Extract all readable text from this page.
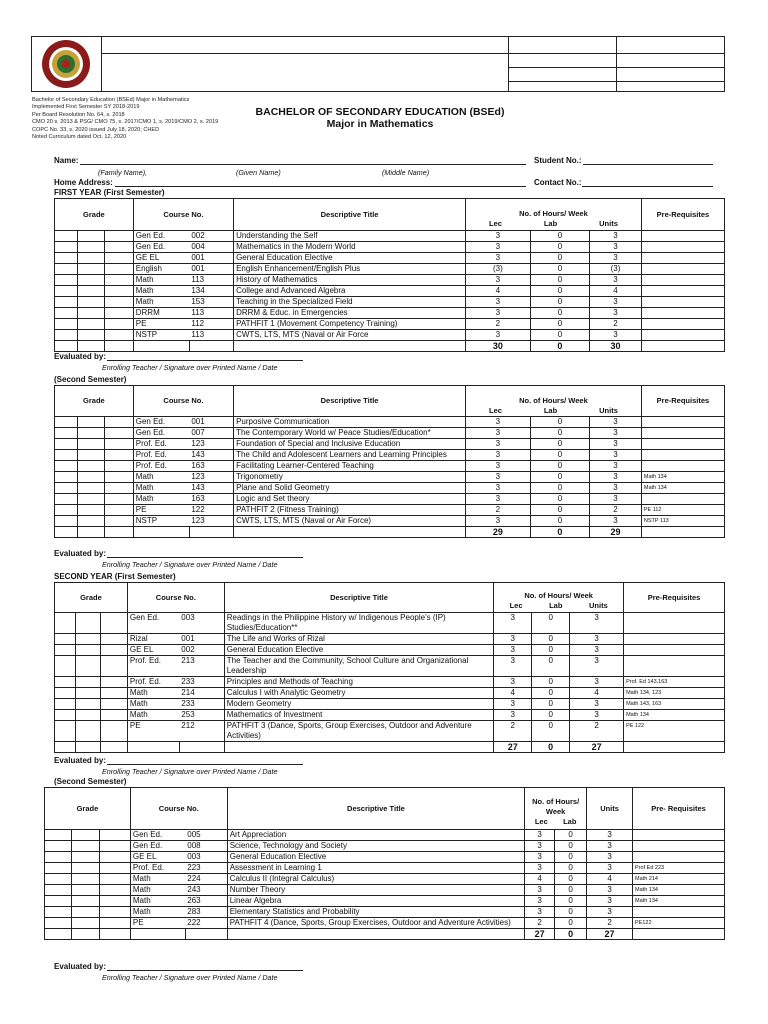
Bachelor of Secondary Education (BSEd) Major in Mathematics
Implemented First Semester SY 2018-2019
Per Board Resolution No. 64, s. 2018
CMO 20 s. 2013 & PSG/ CMO 75, s. 2017/CMO 1, s. 2019/CMO 2, s. 2019
COPC No. 33, s. 2020 issued July 18, 2020; CHED
Noted Curriculum dated Oct. 12, 2020
BACHELOR OF SECONDARY EDUCATION (BSEd)
Major in Mathematics
Name:	Student No.:
(Family Name),	(Given Name)	(Middle Name)
Home Address:	Contact No.:
FIRST YEAR (First Semester)
Grade			Course No.		Descriptive Title	No. of Hours/ Week
Lec Lab Units			Pre-Requisites
			Gen Ed.	002	Understanding the Self	3	0	3	
			Gen Ed.	004	Mathematics in the Modern World	3	0	3	
			GE EL	001	General Education Elective	3	0	3	
			English	001	English Enhancement/English Plus	(3)	0	(3)	
			Math	113	History of Mathematics	3	0	3	
			Math	134	College and Advanced Algebra	4	0	4	
			Math	153	Teaching in the Specialized Field	3	0	3	
			DRRM	113	DRRM & Educ. in Emergencies	3	0	3	
			PE	112	PATHFIT 1 (Movement Competency Training)	2	0	2	
			NSTP	113	CWTS, LTS, MTS (Naval or Air Force	3	0	3	
						30	0	30	
Evaluated by:
Enrolling Teacher / Signature over Printed Name / Date
(Second Semester)
Grade			Course No.		Descriptive Title	No. of Hours/ Week
Lec Lab Units			Pre-Requisites
			Gen Ed.	001	Purposive Communication	3	0	3	
			Gen Ed.	007	The Contemporary World w/ Peace Studies/Education*	3	0	3	
			Prof. Ed.	123	Foundation of Special and Inclusive Education	3	0	3	
			Prof. Ed.	143	The Child and Adolescent Learners and Learning Principles	3	0	3	
			Prof. Ed.	163	Facilitating Learner-Centered Teaching	3	0	3	
			Math	123	Trigonometry	3	0	3	Math 134
			Math	143	Plane and Solid Geometry	3	0	3	Math 134
			Math	163	Logic and Set theory	3	0	3	
			PE	122	PATHFIT 2 (Fitness Training)	2	0	2	PE 112
			NSTP	123	CWTS, LTS, MTS (Naval or Air Force)	3	0	3	NSTP 113
						29	0	29	
Evaluated by:
Enrolling Teacher / Signature over Printed Name / Date
SECOND YEAR (First Semester)
Grade			Course No.		Descriptive Title	No. of Hours/ Week
Lec Lab Units			Pre-Requisites
			Gen Ed.	003	Readings in the Philippine History w/ Indigenous People's (IP) Studies/Education**	3	0	3	
			Rizal	001	The Life and Works of Rizal	3	0	3	
			GE EL	002	General Education Elective	3	0	3	
			Prof. Ed.	213	The Teacher and the Community, School Culture and Organizational Leadership	3	0	3	
			Prof. Ed.	233	Principles and Methods of Teaching	3	0	3	Prof. Ed 143,163
			Math	214	Calculus I with Analytic Geometry	4	0	4	Math 134, 123
			Math	233	Modern Geometry	3	0	3	Math 143, 163
			Math	253	Mathematics of Investment	3	0	3	Math 134
			PE	212	PATHFIT 3 (Dance, Sports, Group Exercises, Outdoor and Adventure Activities)	2	0	2	PE 122
						27	0	27	
Evaluated by:
Enrolling Teacher / Signature over Printed Name / Date
(Second Semester)
Grade			Course No.		Descriptive Title	No. of Hours/ Week
Lec Lab		Units	Pre- Requisites
			Gen Ed.	005	Art Appreciation	3	0	3	
			Gen Ed.	008	Science, Technology and Society	3	0	3	
			GE EL	003	General Education Elective	3	0	3	
			Prof. Ed.	223	Assessment in Learning 1	3	0	3	Prof Ed 223
			Math	224	Calculus II (Integral Calculus)	4	0	4	Math 214
			Math	243	Number Theory	3	0	3	Math 134
			Math	263	Linear Algebra	3	0	3	Math 134
			Math	283	Elementary Statistics and Probability	3	0	3	
			PE	222	PATHFIT 4 (Dance, Sports, Group Exercises, Outdoor and Adventure Activities)	2	0	2	PE122
						27	0	27	
Evaluated by:
Enrolling Teacher / Signature over Printed Name / Date
